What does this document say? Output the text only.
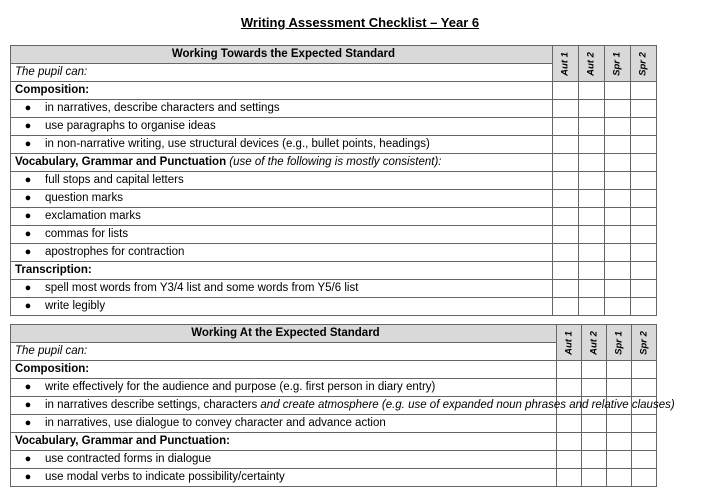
Writing Assessment Checklist – Year 6
Working Towards the Expected Standard	Aut 1	Aut 2	Spr 1	Spr 2

The pupil can:				
Composition:				
● in narratives, describe characters and settings				
● use paragraphs to organise ideas				
● in non-narrative writing, use structural devices (e.g., bullet points, headings)				
Vocabulary, Grammar and Punctuation (use of the following is mostly consistent):				
● full stops and capital letters				
● question marks				
● exclamation marks				
● commas for lists				
● apostrophes for contraction				
Transcription:				
● spell most words from Y3/4 list and some words from Y5/6 list				
● write legibly				
Working At the Expected Standard	Aut 1	Aut 2	Spr 1	Spr 2

The pupil can:				
Composition:				
● write effectively for the audience and purpose (e.g. first person in diary entry)				
● in narratives describe settings, characters and create atmosphere (e.g. use of expanded noun phrases and relative clauses)				
● in narratives, use dialogue to convey character and advance action				
Vocabulary, Grammar and Punctuation:				
● use contracted forms in dialogue				
● use modal verbs to indicate possibility/certainty				
